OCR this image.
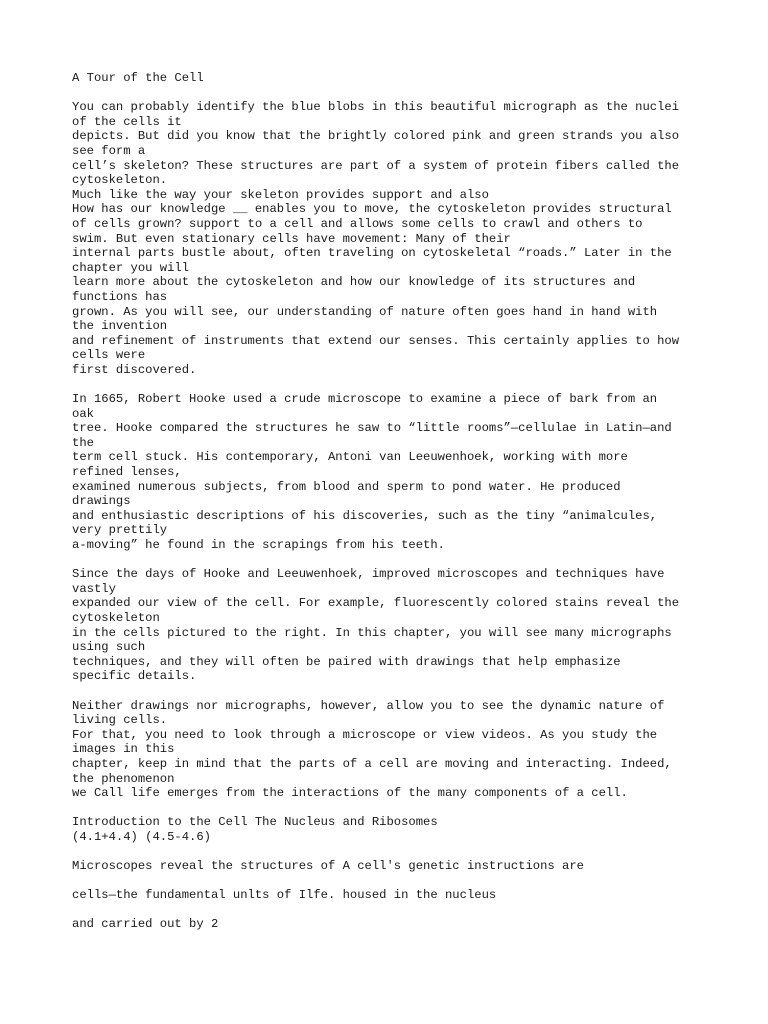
A Tour of the Cell
You can probably identify the blue blobs in this beautiful micrograph as the nuclei
of the cells it
depicts. But did you know that the brightly colored pink and green strands you also
see form a
cell’s skeleton? These structures are part of a system of protein fibers called the
cytoskeleton.
Much like the way your skeleton provides support and also
How has our knowledge __ enables you to move, the cytoskeleton provides structural
of cells grown? support to a cell and allows some cells to crawl and others to
swim. But even stationary cells have movement: Many of their
internal parts bustle about, often traveling on cytoskeletal “roads.” Later in the
chapter you will
learn more about the cytoskeleton and how our knowledge of its structures and
functions has
grown. As you will see, our understanding of nature often goes hand in hand with
the invention
and refinement of instruments that extend our senses. This certainly applies to how
cells were
first discovered.
In 1665, Robert Hooke used a crude microscope to examine a piece of bark from an
oak
tree. Hooke compared the structures he saw to “little rooms”—cellulae in Latin—and
the
term cell stuck. His contemporary, Antoni van Leeuwenhoek, working with more
refined lenses,
examined numerous subjects, from blood and sperm to pond water. He produced
drawings
and enthusiastic descriptions of his discoveries, such as the tiny “animalcules,
very prettily
a-moving” he found in the scrapings from his teeth.
Since the days of Hooke and Leeuwenhoek, improved microscopes and techniques have
vastly
expanded our view of the cell. For example, fluorescently colored stains reveal the
cytoskeleton
in the cells pictured to the right. In this chapter, you will see many micrographs
using such
techniques, and they will often be paired with drawings that help emphasize
specific details.
Neither drawings nor micrographs, however, allow you to see the dynamic nature of
living cells.
For that, you need to look through a microscope or view videos. As you study the
images in this
chapter, keep in mind that the parts of a cell are moving and interacting. Indeed,
the phenomenon
we Call life emerges from the interactions of the many components of a cell.
Introduction to the Cell The Nucleus and Ribosomes
(4.1+4.4) (4.5-4.6)
Microscopes reveal the structures of A cell's genetic instructions are
cells—the fundamental unlts of Ilfe. housed in the nucleus
and carried out by 2
